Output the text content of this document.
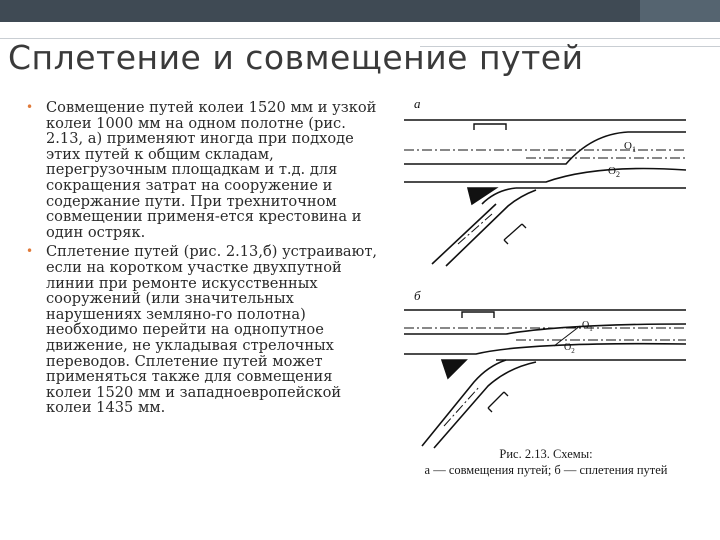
Сплетение и совмещение путей
• Совмещение путей колеи 1520 мм и узкой колеи 1000 мм на одном полотне (рис. 2.13, а) применяют иногда при подходе этих путей к общим складам, перегрузочным площадкам и т.д. для сокращения затрат на сооружение и содержание пути. При трехниточном совмещении применя-ется крестовина и один остряк.
• Сплетение путей (рис. 2.13,б) устраивают, если на коротком участке двухпутной линии при ремонте искусственных сооружений (или значительных нарушениях земляно-го полотна) необходимо перейти на однопутное движение, не укладывая стрелочных переводов. Сплетение путей может применяться также для совмещения колеи 1520 мм и западноевропейской колеи 1435 мм.
а
$O_1$
$O_2$
б
$O_1$
$O_2$
Рис. 2.13. Схемы:
а — совмещения путей; б — сплетения путей
